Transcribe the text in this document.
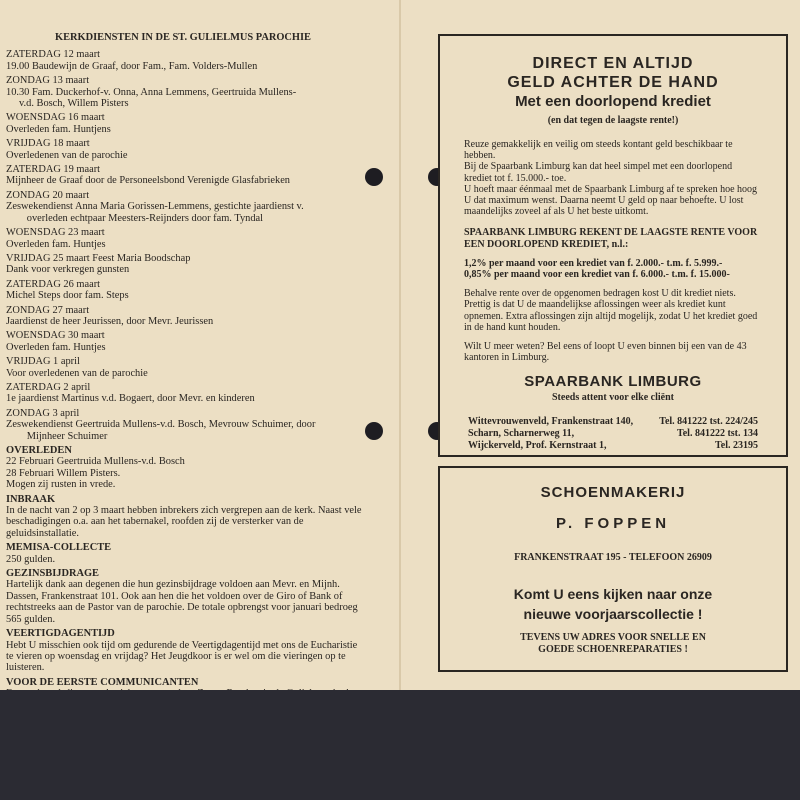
KERKDIENSTEN IN DE ST. GULIELMUS PAROCHIE
ZATERDAG 12 maart
19.00 Baudewijn de Graaf, door Fam., Fam. Volders-Mullen
ZONDAG 13 maart
10.30 Fam. Duckerhof-v. Onna, Anna Lemmens, Geertruida Mullens-
v.d. Bosch, Willem Pisters
WOENSDAG 16 maart
Overleden fam. Huntjens
VRIJDAG 18 maart
Overledenen van de parochie
ZATERDAG 19 maart
Mijnheer de Graaf door de Personeelsbond Verenigde Glasfabrieken
ZONDAG 20 maart
Zeswekendienst Anna Maria Gorissen-Lemmens, gestichte jaardienst v.
overleden echtpaar Meesters-Reijnders door fam. Tyndal
WOENSDAG 23 maart
Overleden fam. Huntjes
VRIJDAG 25 maart Feest Maria Boodschap
Dank voor verkregen gunsten
ZATERDAG 26 maart
Michel Steps door fam. Steps
ZONDAG 27 maart
Jaardienst de heer Jeurissen, door Mevr. Jeurissen
WOENSDAG 30 maart
Overleden fam. Huntjes
VRIJDAG 1 april
Voor overledenen van de parochie
ZATERDAG 2 april
1e jaardienst Martinus v.d. Bogaert, door Mevr. en kinderen
ZONDAG 3 april
Zeswekendienst Geertruida Mullens-v.d. Bosch, Mevrouw Schuimer, door
Mijnheer Schuimer
OVERLEDEN
22 Februari Geertruida Mullens-v.d. Bosch
28 Februari Willem Pisters.
Mogen zij rusten in vrede.
INBRAAK
In de nacht van 2 op 3 maart hebben inbrekers zich vergrepen aan de kerk. Naast vele beschadigingen o.a. aan het tabernakel, roofden zij de versterker van de geluidsinstallatie.
MEMISA-COLLECTE
250 gulden.
GEZINSBIJDRAGE
Hartelijk dank aan degenen die hun gezinsbijdrage voldoen aan Mevr. en Mijnh. Dassen, Frankenstraat 101. Ook aan hen die het voldoen over de Giro of Bank of rechtstreeks aan de Pastor van de parochie. De totale opbrengst voor januari bedroeg 565 gulden.
VEERTIGDAGENTIJD
Hebt U misschien ook tijd om gedurende de Veertigdagentijd met ons de Eucharistie te vieren op woensdag en vrijdag? Het Jeugdkoor is er wel om die vieringen op te luisteren.
VOOR DE EERSTE COMMUNICANTEN
DIRECT EN ALTIJD
GELD ACHTER DE HAND
Met een doorlopend krediet
(en dat tegen de laagste rente!)
Reuze gemakkelijk en veilig om steeds kontant geld beschikbaar te hebben.
Bij de Spaarbank Limburg kan dat heel simpel met een doorlopend krediet tot f. 15.000.- toe.
U hoeft maar éénmaal met de Spaarbank Limburg af te spreken hoe hoog U dat maximum wenst. Daarna neemt U geld op naar behoefte. U lost maandelijks zoveel af als U het beste uitkomt.
SPAARBANK LIMBURG REKENT DE LAAGSTE RENTE VOOR EEN DOORLOPEND KREDIET, n.l.:
1,2% per maand voor een krediet van f. 2.000.- t.m. f. 5.999.-
0,85% per maand voor een krediet van f. 6.000.- t.m. f. 15.000-
Behalve rente over de opgenomen bedragen kost U dit krediet niets.
Prettig is dat U de maandelijkse aflossingen weer als krediet kunt opnemen. Extra aflossingen zijn altijd mogelijk, zodat U het krediet goed in de hand kunt houden.
Wilt U meer weten? Bel eens of loopt U even binnen bij een van de 43 kantoren in Limburg.
SPAARBANK LIMBURG
Steeds attent voor elke cliënt
Wittevrouwenveld, Frankenstraat 140,	Tel. 841222 tst. 224/245
Scharn, Scharnerweg 11,	Tel. 841222 tst. 134
Wijckerveld, Prof. Kernstraat 1,	Tel. 23195
SCHOENMAKERIJ
P. FOPPEN
FRANKENSTRAAT 195 - TELEFOON 26909
Komt U eens kijken naar onze
nieuwe voorjaarscollectie !
TEVENS UW ADRES VOOR SNELLE EN
GOEDE SCHOENREPARATIES !
